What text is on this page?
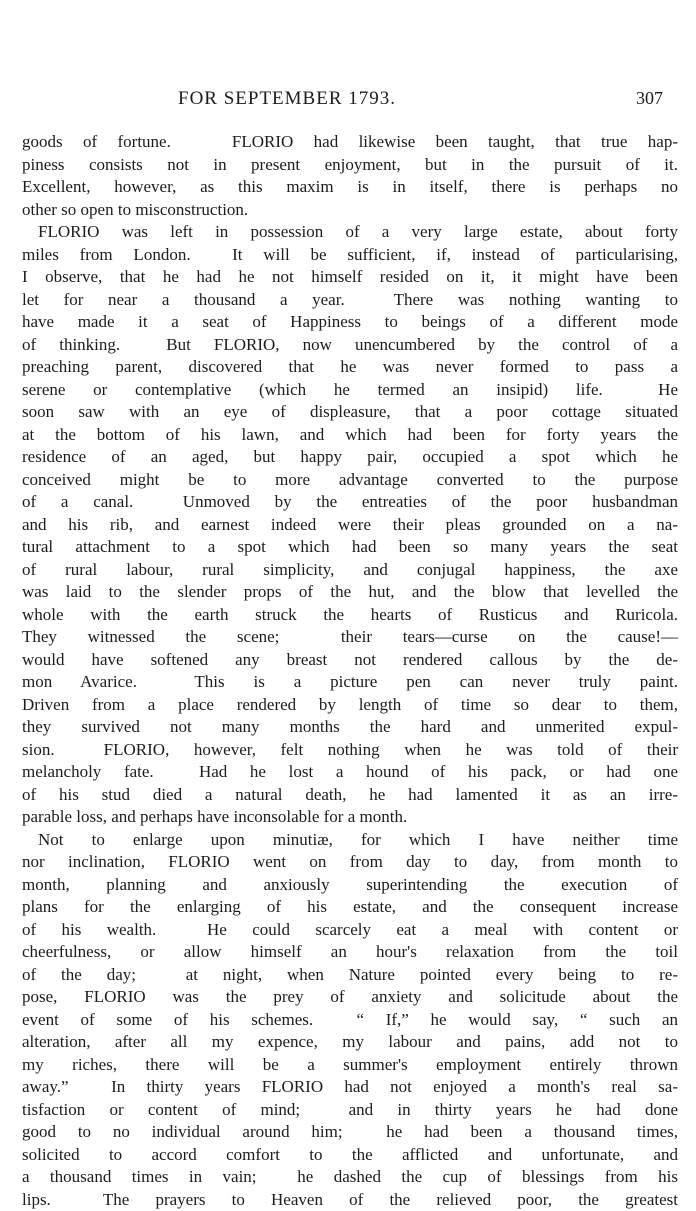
FOR SEPTEMBER 1793.	307
goods of fortune.   FLORIO had likewise been taught, that true hap-
piness consists not in present enjoyment, but in the pursuit of it.
Excellent, however, as this maxim is in itself, there is perhaps no
other so open to misconstruction.
FLORIO was left in possession of a very large estate, about forty
miles from London.  It will be sufficient, if, instead of particularising,
I observe, that he had he not himself resided on it, it might have been
let for near a thousand a year.  There was nothing wanting to
have made it a seat of Happiness to beings of a different mode
of thinking.  But FLORIO, now unencumbered by the control of a
preaching parent, discovered that he was never formed to pass a
serene or contemplative (which he termed an insipid) life.  He
soon saw with an eye of displeasure, that a poor cottage situated
at the bottom of his lawn, and which had been for forty years the
residence of an aged, but happy pair, occupied a spot which he
conceived might be to more advantage converted to the purpose
of a canal.  Unmoved by the entreaties of the poor husbandman
and his rib, and earnest indeed were their pleas grounded on a na-
tural attachment to a spot which had been so many years the seat
of rural labour, rural simplicity, and conjugal happiness, the axe
was laid to the slender props of the hut, and the blow that levelled the
whole with the earth struck the hearts of Rusticus and Ruricola.
They witnessed the scene;  their tears—curse on the cause!—
would have softened any breast not rendered callous by the de-
mon Avarice.  This is a picture pen can never truly paint.
Driven from a place rendered by length of time so dear to them,
they survived not many months the hard and unmerited expul-
sion.  FLORIO, however, felt nothing when he was told of their
melancholy fate.  Had he lost a hound of his pack, or had one
of his stud died a natural death, he had lamented it as an irre-
parable loss, and perhaps have inconsolable for a month.
Not to enlarge upon minutiæ, for which I have neither time
nor inclination, FLORIO went on from day to day, from month to
month, planning and anxiously superintending the execution of
plans for the enlarging of his estate, and the consequent increase
of his wealth.  He could scarcely eat a meal with content or
cheerfulness, or allow himself an hour's relaxation from the toil
of the day;  at night, when Nature pointed every being to re-
pose, FLORIO was the prey of anxiety and solicitude about the
event of some of his schemes.  “ If,” he would say, “ such an
alteration, after all my expence, my labour and pains, add not to
my riches, there will be a summer's employment entirely thrown
away.”  In thirty years FLORIO had not enjoyed a month's real sa-
tisfaction or content of mind;  and in thirty years he had done
good to no individual around him;  he had been a thousand times,
solicited to accord comfort to the afflicted and unfortunate, and
a thousand times in vain;  he dashed the cup of blessings from his
lips.  The prayers to Heaven of the relieved poor, the greatest
